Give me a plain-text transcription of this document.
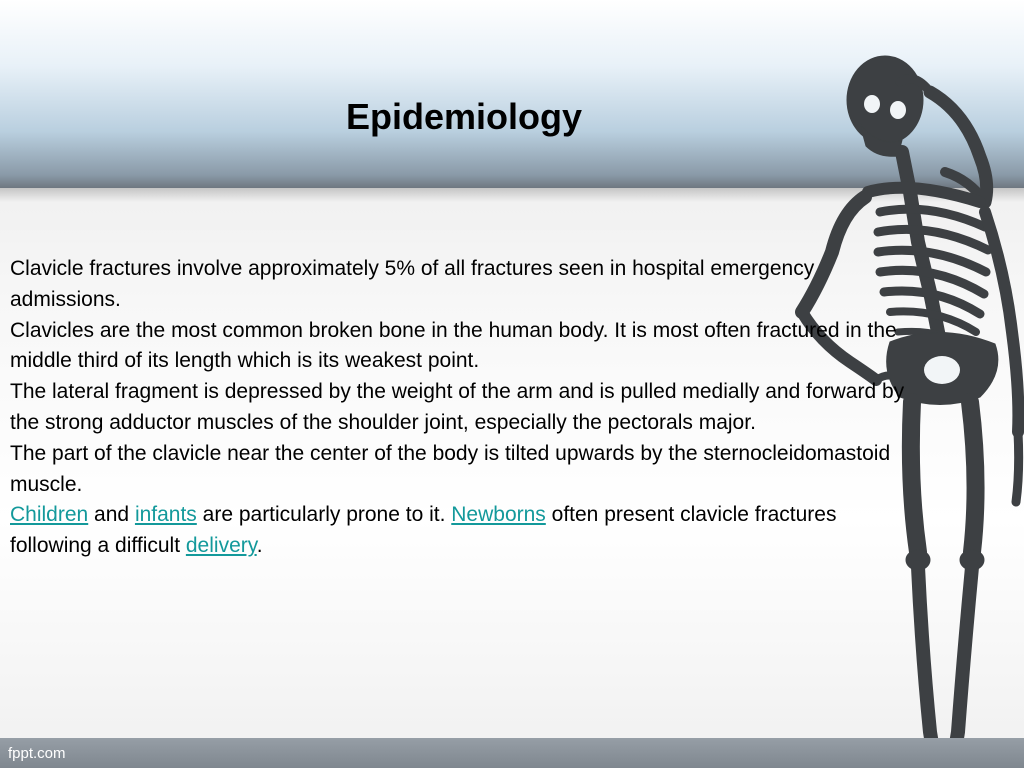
Epidemiology

Clavicle fractures involve approximately 5% of all fractures seen in hospital emergency admissions.

Clavicles are the most common broken bone in the human body. It is most often fractured in the middle third of its length which is its weakest point.

The lateral fragment is depressed by the weight of the arm and is pulled medially and forward by the strong adductor muscles of the shoulder joint, especially the pectorals major.

The part of the clavicle near the center of the body is tilted upwards by the sternocleidomastoid muscle.

Children and infants are particularly prone to it. Newborns often present clavicle fractures following a difficult delivery.

fppt.com
